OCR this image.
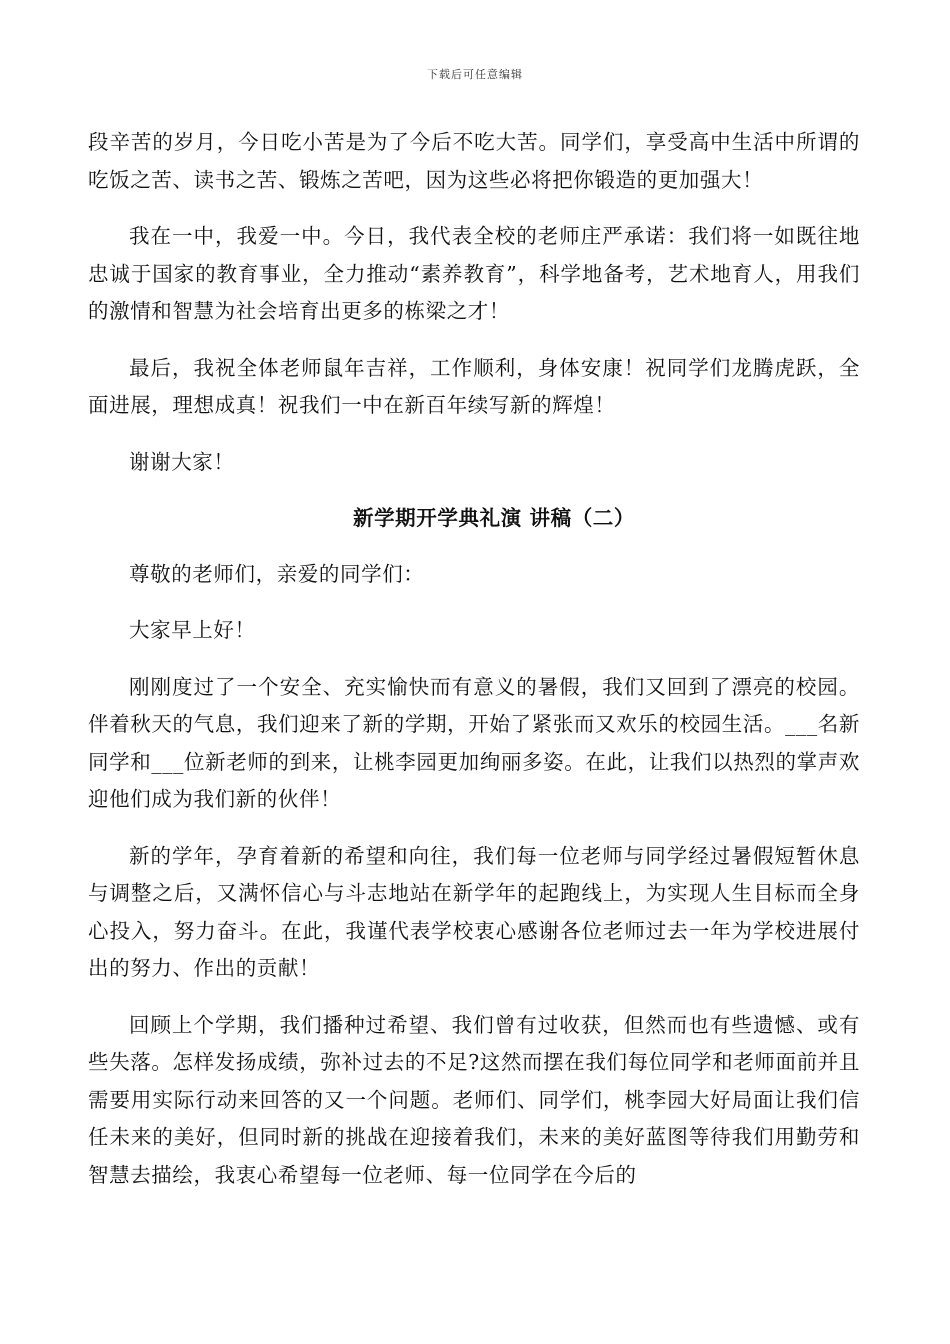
下载后可任意编辑

段辛苦的岁月，今日吃小苦是为了今后不吃大苦。同学们，享受高中生活中所谓的吃饭之苦、读书之苦、锻炼之苦吧，因为这些必将把你锻造的更加强大！

我在一中，我爱一中。今日，我代表全校的老师庄严承诺：我们将一如既往地忠诚于国家的教育事业，全力推动“素养教育”，科学地备考，艺术地育人，用我们的激情和智慧为社会培育出更多的栋梁之才！

最后，我祝全体老师鼠年吉祥，工作顺利，身体安康！祝同学们龙腾虎跃，全面进展，理想成真！祝我们一中在新百年续写新的辉煌！

谢谢大家！

新学期开学典礼演 讲稿（二）

尊敬的老师们，亲爱的同学们：

大家早上好！

刚刚度过了一个安全、充实愉快而有意义的暑假，我们又回到了漂亮的校园。伴着秋天的气息，我们迎来了新的学期，开始了紧张而又欢乐的校园生活。___名新同学和___位新老师的到来，让桃李园更加绚丽多姿。在此，让我们以热烈的掌声欢迎他们成为我们新的伙伴！

新的学年，孕育着新的希望和向往，我们每一位老师与同学经过暑假短暂休息与调整之后，又满怀信心与斗志地站在新学年的起跑线上，为实现人生目标而全身心投入，努力奋斗。在此，我谨代表学校衷心感谢各位老师过去一年为学校进展付出的努力、作出的贡献！

回顾上个学期，我们播种过希望、我们曾有过收获，但然而也有些遗憾、或有些失落。怎样发扬成绩，弥补过去的不足?这然而摆在我们每位同学和老师面前并且需要用实际行动来回答的又一个问题。老师们、同学们，桃李园大好局面让我们信任未来的美好，但同时新的挑战在迎接着我们，未来的美好蓝图等待我们用勤劳和智慧去描绘，我衷心希望每一位老师、每一位同学在今后的
